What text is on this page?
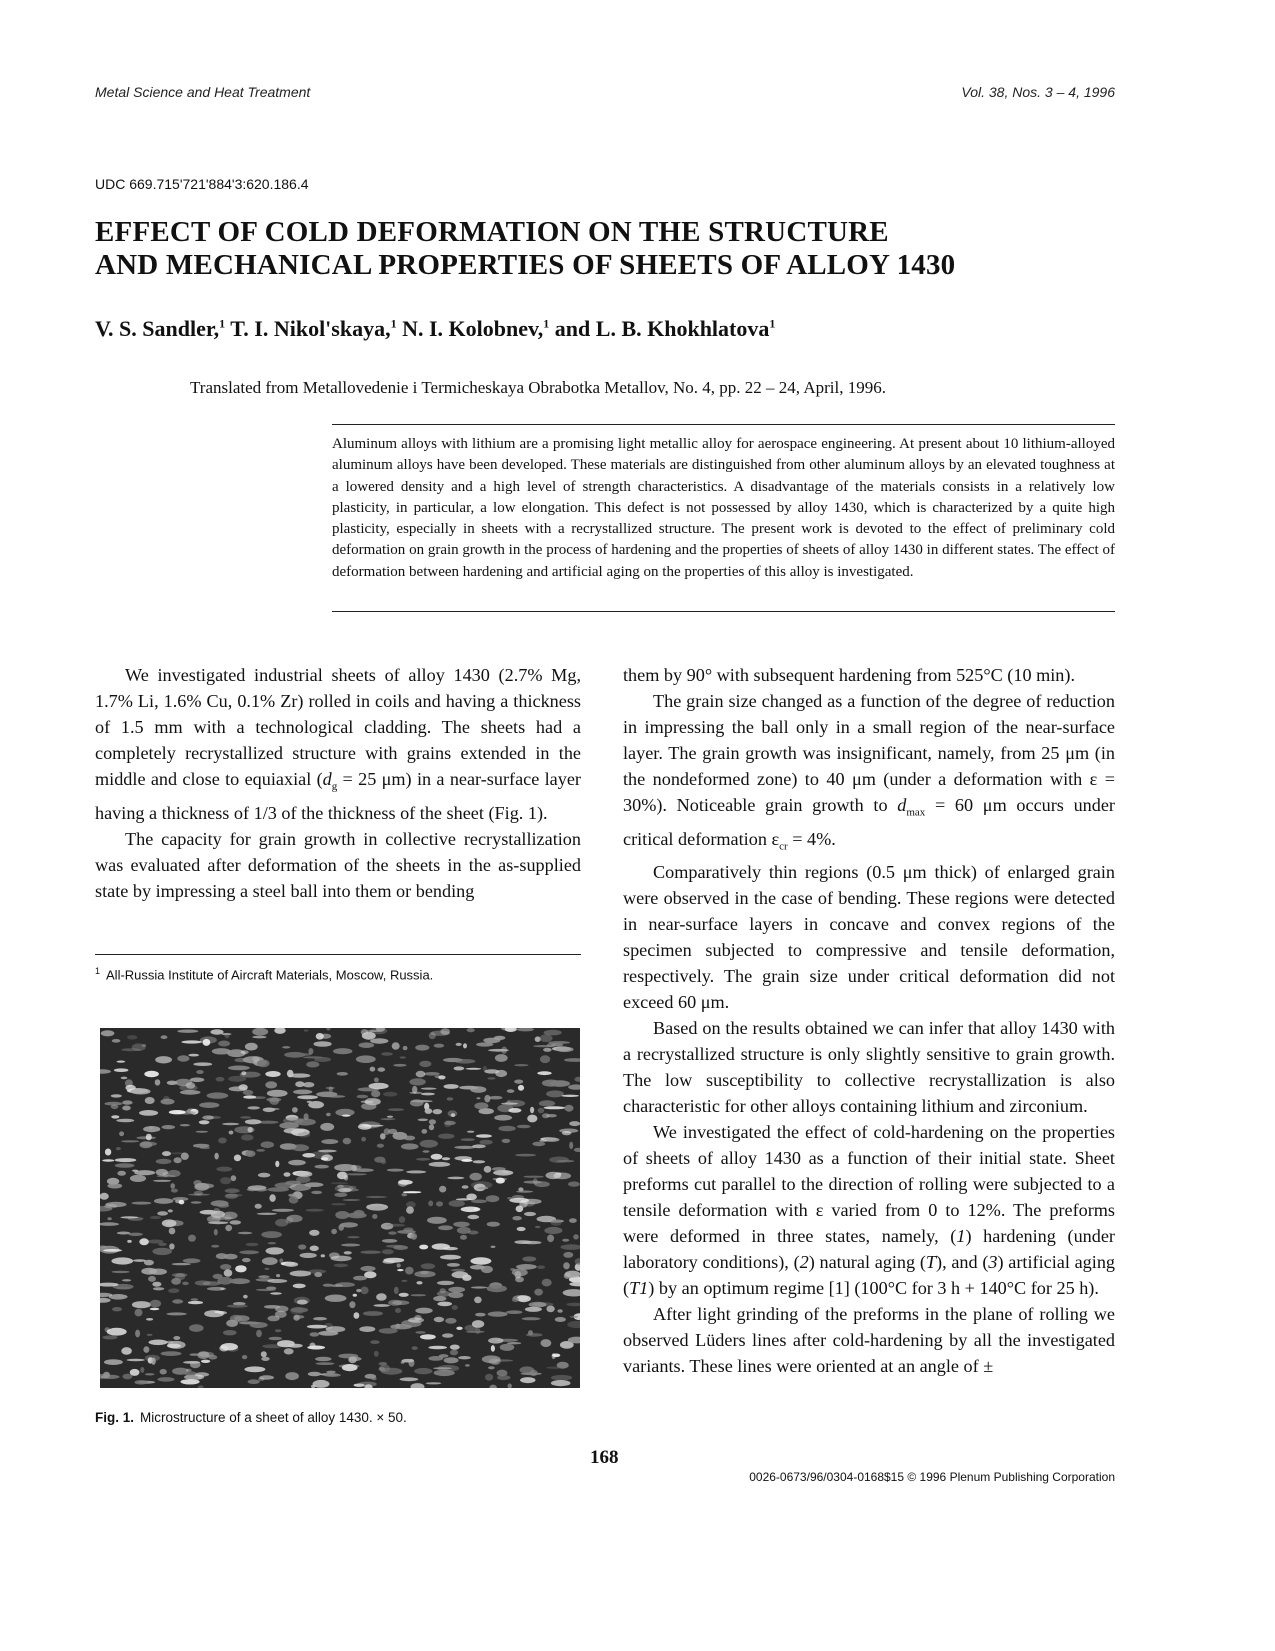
Metal Science and Heat Treatment	Vol. 38, Nos. 3 – 4, 1996
UDC 669.715'721'884'3:620.186.4
EFFECT OF COLD DEFORMATION ON THE STRUCTURE
AND MECHANICAL PROPERTIES OF SHEETS OF ALLOY 1430
V. S. Sandler,$^1$ T. I. Nikol'skaya,$^1$ N. I. Kolobnev,$^1$ and L. B. Khokhlatova$^1$
Translated from Metallovedenie i Termicheskaya Obrabotka Metallov, No. 4, pp. 22 – 24, April, 1996.
Aluminum alloys with lithium are a promising light metallic alloy for aerospace engineering. At present about 10 lithium-alloyed aluminum alloys have been developed. These materials are distinguished from other aluminum alloys by an elevated toughness at a lowered density and a high level of strength characteristics. A disadvantage of the materials consists in a relatively low plasticity, in particular, a low elongation. This defect is not possessed by alloy 1430, which is characterized by a quite high plasticity, especially in sheets with a recrystallized structure. The present work is devoted to the effect of preliminary cold deformation on grain growth in the process of hardening and the properties of sheets of alloy 1430 in different states. The effect of deformation between hardening and artificial aging on the properties of this alloy is investigated.

We investigated industrial sheets of alloy 1430 (2.7% Mg, 1.7% Li, 1.6% Cu, 0.1% Zr) rolled in coils and having a thickness of 1.5 mm with a technological cladding. The sheets had a completely recrystallized structure with grains extended in the middle and close to equiaxial ($d_g = 25$ μm) in a near-surface layer having a thickness of 1/3 of the thickness of the sheet (Fig. 1).

The capacity for grain growth in collective recrystallization was evaluated after deformation of the sheets in the as-supplied state by impressing a steel ball into them or bending

$^1$ All-Russia Institute of Aircraft Materials, Moscow, Russia.
Fig. 1. Microstructure of a sheet of alloy 1430. × 50.

them by 90° with subsequent hardening from 525°C (10 min).

The grain size changed as a function of the degree of reduction in impressing the ball only in a small region of the near-surface layer. The grain growth was insignificant, namely, from 25 μm (in the nondeformed zone) to 40 μm (under a deformation with ε = 30%). Noticeable grain growth to $d_{max} = 60$ μm occurs under critical deformation $\varepsilon_{cr} = 4\%$.

Comparatively thin regions (0.5 μm thick) of enlarged grain were observed in the case of bending. These regions were detected in near-surface layers in concave and convex regions of the specimen subjected to compressive and tensile deformation, respectively. The grain size under critical deformation did not exceed 60 μm.

Based on the results obtained we can infer that alloy 1430 with a recrystallized structure is only slightly sensitive to grain growth. The low susceptibility to collective recrystallization is also characteristic for other alloys containing lithium and zirconium.

We investigated the effect of cold-hardening on the properties of sheets of alloy 1430 as a function of their initial state. Sheet preforms cut parallel to the direction of rolling were subjected to a tensile deformation with ε varied from 0 to 12%. The preforms were deformed in three states, namely, (1) hardening (under laboratory conditions), (2) natural aging (T), and (3) artificial aging (T1) by an optimum regime [1] (100°C for 3 h + 140°C for 25 h).

After light grinding of the preforms in the plane of rolling we observed Lüders lines after cold-hardening by all the investigated variants. These lines were oriented at an angle of ±

168
0026-0673/96/0304-0168$15 © 1996 Plenum Publishing Corporation
